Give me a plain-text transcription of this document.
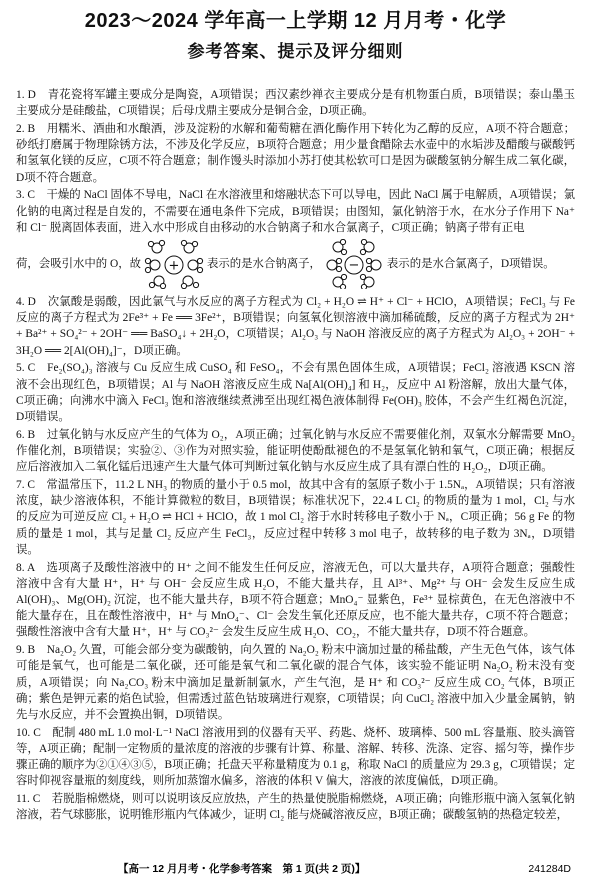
2023～2024 学年高一上学期 12 月月考・化学
参考答案、提示及评分细则

1. D　青花瓷将军罐主要成分是陶瓷，A项错误；西汉素纱禅衣主要成分是有机物蛋白质，B项错误；泰山墨玉主要成分是硅酸盐，C项错误；后母戊鼎主要成分是铜合金，D项正确。

2. B　用糯米、酒曲和水酿酒，涉及淀粉的水解和葡萄糖在酒化酶作用下转化为乙醇的反应，A项不符合题意；砂纸打磨属于物理除锈方法，不涉及化学反应，B项符合题意；用少量食醋除去水壶中的水垢涉及醋酸与碳酸钙和氢氧化镁的反应，C项不符合题意；制作馒头时添加小苏打使其松软可口是因为碳酸氢钠分解生成二氧化碳，D项不符合题意。

3. C　干燥的 NaCl 固体不导电，NaCl 在水溶液里和熔融状态下可以导电，因此 NaCl 属于电解质，A项错误；氯化钠的电离过程是自发的，不需要在通电条件下完成，B项错误；由图知，氯化钠溶于水，在水分子作用下 Na⁺ 和 Cl⁻ 脱离固体表面，进入水中形成自由移动的水合钠离子和水合氯离子，C项正确；钠离子带有正电
荷，会吸引水中的 O，故 + 表示的是水合钠离子， − 表示的是水合氯离子，D项错误。

4. D　次氯酸是弱酸，因此氯气与水反应的离子方程式为 Cl₂ + H₂O ⇌ H⁺ + Cl⁻ + HClO，A项错误；FeCl₃ 与 Fe 反应的离子方程式为 2Fe³⁺ + Fe ══ 3Fe²⁺，B项错误；向氢氧化钡溶液中滴加稀硫酸，反应的离子方程式为 2H⁺ + Ba²⁺ + SO₄²⁻ + 2OH⁻ ══ BaSO₄↓ + 2H₂O，C项错误；Al₂O₃ 与 NaOH 溶液反应的离子方程式为 Al₂O₃ + 2OH⁻ + 3H₂O ══ 2[Al(OH)₄]⁻，D项正确。

5. C　Fe₂(SO₄)₃ 溶液与 Cu 反应生成 CuSO₄ 和 FeSO₄，不会有黑色固体生成，A项错误；FeCl₂ 溶液遇 KSCN 溶液不会出现红色，B项错误；Al 与 NaOH 溶液反应生成 Na[Al(OH)₄] 和 H₂，反应中 Al 粉溶解，放出大量气体，C项正确；向沸水中滴入 FeCl₃ 饱和溶液继续煮沸至出现红褐色液体制得 Fe(OH)₃ 胶体，不会产生红褐色沉淀，D项错误。

6. B　过氧化钠与水反应产生的气体为 O₂，A项正确；过氧化钠与水反应不需要催化剂，双氧水分解需要 MnO₂ 作催化剂，B项错误；实验②、③作为对照实验，能证明使酚酞褪色的不是氢氧化钠和氧气，C项正确；根据反应后溶液加入二氧化锰后迅速产生大量气体可判断过氧化钠与水反应生成了具有漂白性的 H₂O₂，D项正确。

7. C　常温常压下，11.2 L NH₃ 的物质的量小于 0.5 mol，故其中含有的氢原子数小于 1.5Nₐ，A项错误；只有溶液浓度，缺少溶液体积，不能计算微粒的数目，B项错误；标准状况下，22.4 L Cl₂ 的物质的量为 1 mol，Cl₂ 与水的反应为可逆反应 Cl₂ + H₂O ⇌ HCl + HClO，故 1 mol Cl₂ 溶于水时转移电子数小于 Nₐ，C项正确；56 g Fe 的物质的量是 1 mol，其与足量 Cl₂ 反应产生 FeCl₃，反应过程中转移 3 mol 电子，故转移的电子数为 3Nₐ，D项错误。

8. A　选项离子及酸性溶液中的 H⁺ 之间不能发生任何反应，溶液无色，可以大量共存，A项符合题意；强酸性溶液中含有大量 H⁺，H⁺ 与 OH⁻ 会反应生成 H₂O，不能大量共存，且 Al³⁺、Mg²⁺ 与 OH⁻ 会发生反应生成 Al(OH)₃、Mg(OH)₂ 沉淀，也不能大量共存，B项不符合题意；MnO₄⁻ 显紫色，Fe³⁺ 显棕黄色，在无色溶液中不能大量存在，且在酸性溶液中，H⁺ 与 MnO₄⁻、Cl⁻ 会发生氧化还原反应，也不能大量共存，C项不符合题意；强酸性溶液中含有大量 H⁺，H⁺ 与 CO₃²⁻ 会发生反应生成 H₂O、CO₂，不能大量共存，D项不符合题意。

9. B　Na₂O₂ 久置，可能会部分变为碳酸钠，向久置的 Na₂O₂ 粉末中滴加过量的稀盐酸，产生无色气体，该气体可能是氧气，也可能是二氧化碳，还可能是氧气和二氧化碳的混合气体，该实验不能证明 Na₂O₂ 粉末没有变质，A项错误；向 Na₂CO₃ 粉末中滴加足量新制氯水，产生气泡，是 H⁺ 和 CO₃²⁻ 反应生成 CO₂ 气体，B项正确；紫色是钾元素的焰色试验，但需透过蓝色钴玻璃进行观察，C项错误；向 CuCl₂ 溶液中加入少量金属钠，钠先与水反应，并不会置换出铜，D项错误。

10. C　配制 480 mL 1.0 mol·L⁻¹ NaCl 溶液用到的仪器有天平、药匙、烧杯、玻璃棒、500 mL 容量瓶、胶头滴管等，A项正确；配制一定物质的量浓度的溶液的步骤有计算、称量、溶解、转移、洗涤、定容、摇匀等，操作步骤正确的顺序为②①④③⑤，B项正确；托盘天平称量精度为 0.1 g，称取 NaCl 的质量应为 29.3 g，C项错误；定容时仰视容量瓶的刻度线，则所加蒸馏水偏多，溶液的体积 V 偏大，溶液的浓度偏低，D项正确。

11. C　若脱脂棉燃烧，则可以说明该反应放热，产生的热量使脱脂棉燃烧，A项正确；向锥形瓶中滴入氢氧化钠溶液，若气球膨胀，说明锥形瓶内气体减少，证明 Cl₂ 能与烧碱溶液反应，B项正确；碳酸氢钠的热稳定较差，

【高一 12 月月考・化学参考答案　第 1 页(共 2 页)】	241284D
